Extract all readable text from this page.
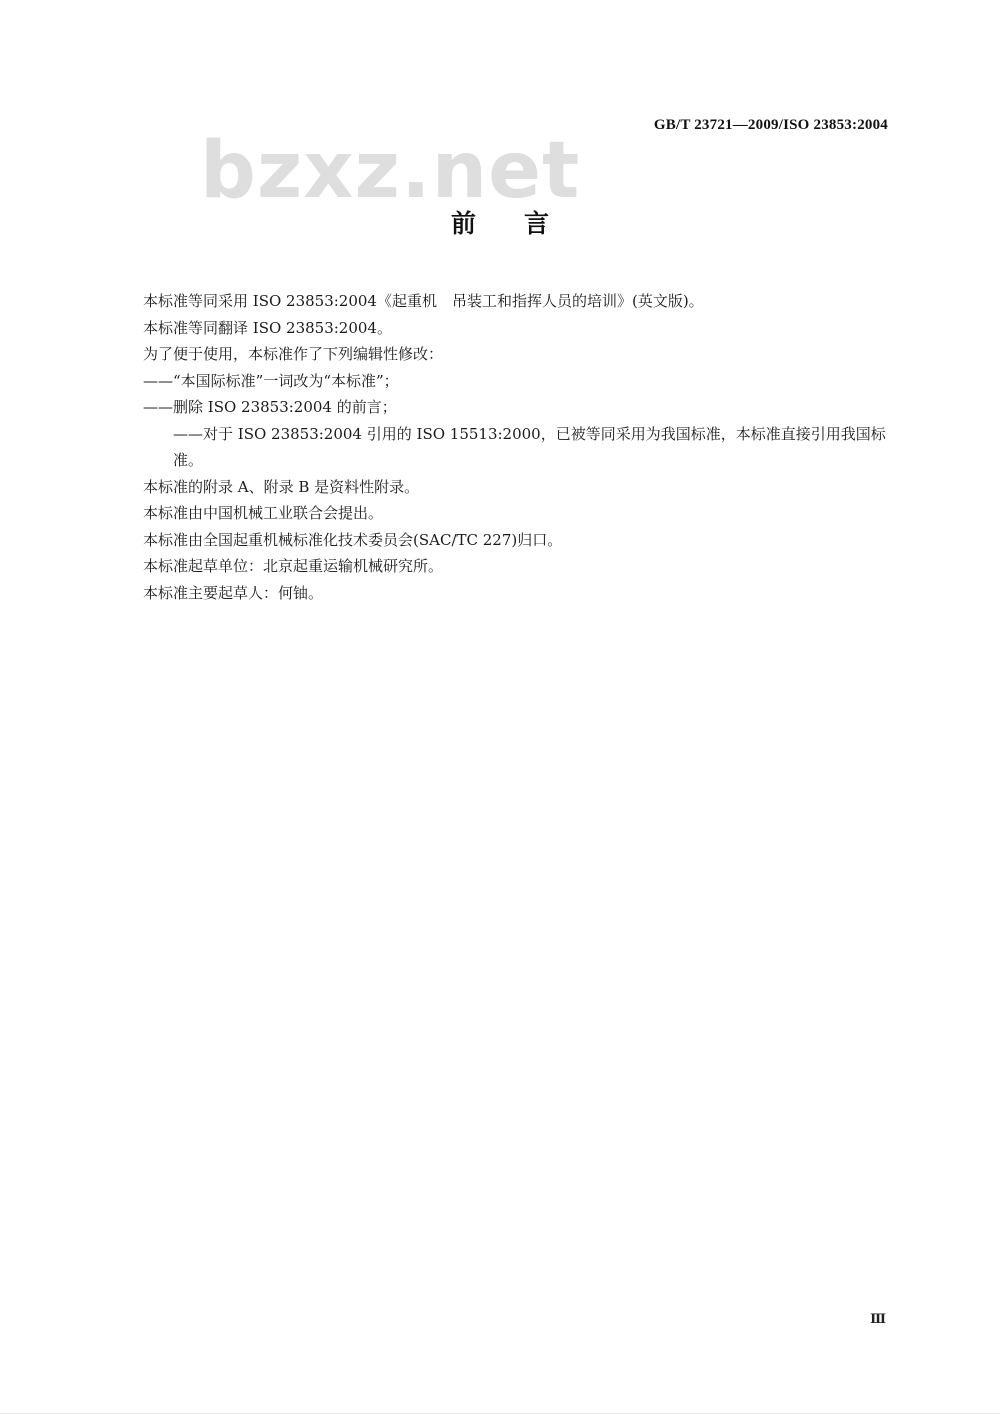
GB/T 23721—2009/ISO 23853:2004
bzxz.net
前言

本标准等同采用 ISO 23853:2004《起重机　吊装工和指挥人员的培训》(英文版)。

本标准等同翻译 ISO 23853:2004。

为了便于使用，本标准作了下列编辑性修改：

——“本国际标准”一词改为“本标准”；

——删除 ISO 23853:2004 的前言；

——对于 ISO 23853:2004 引用的 ISO 15513:2000，已被等同采用为我国标准，本标准直接引用我国标准。

本标准的附录 A、附录 B 是资料性附录。

本标准由中国机械工业联合会提出。

本标准由全国起重机械标准化技术委员会(SAC/TC 227)归口。

本标准起草单位：北京起重运输机械研究所。

本标准主要起草人：何铀。

Ⅲ
